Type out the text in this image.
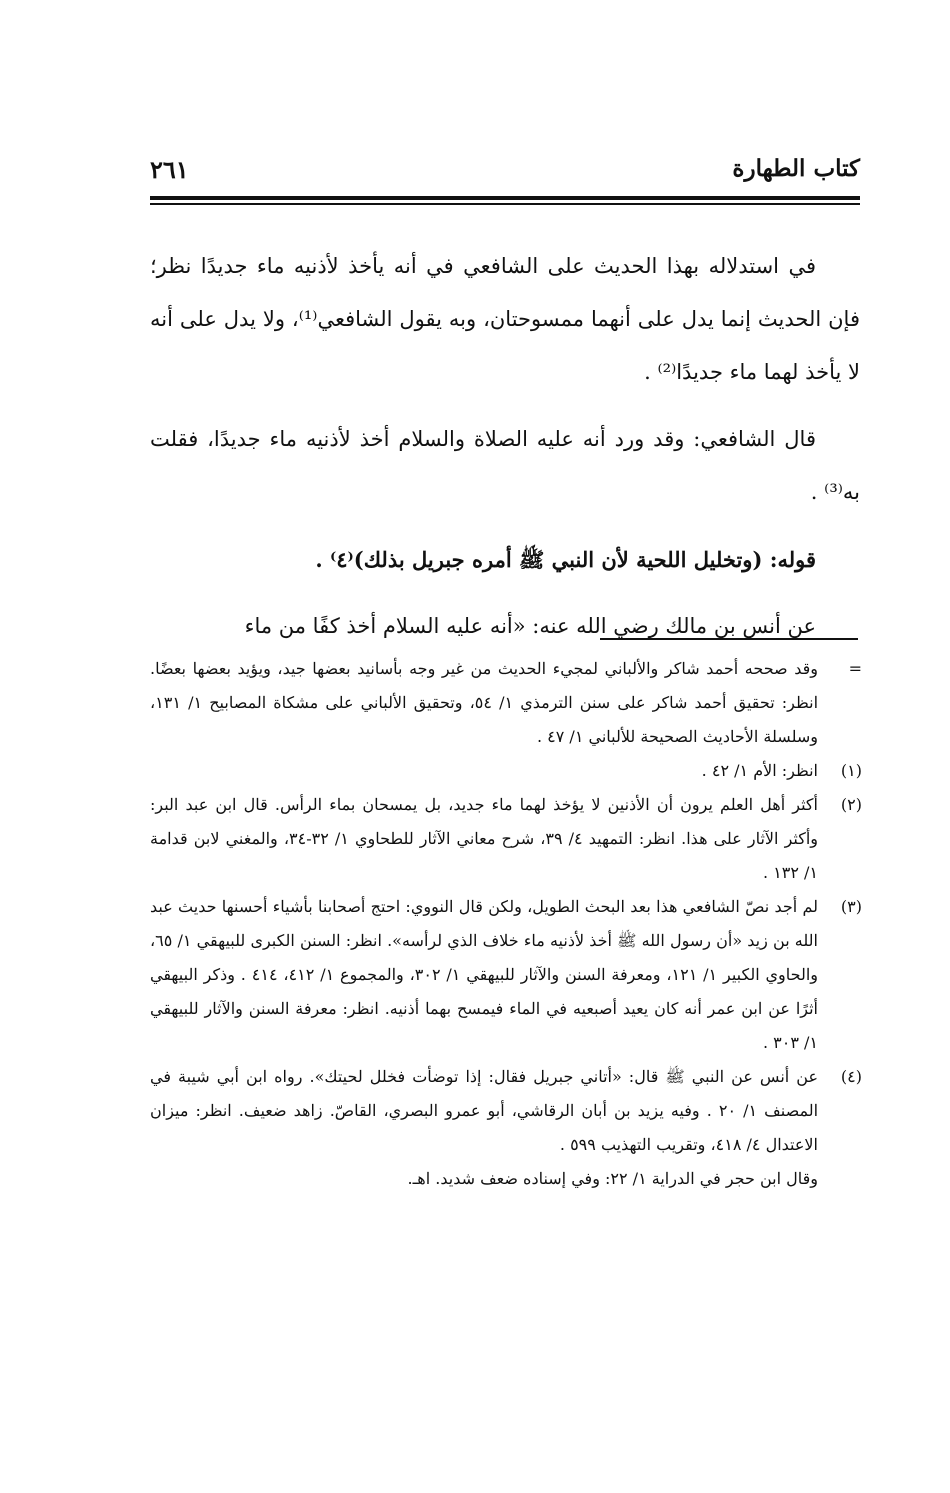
كتاب الطهارة
٢٦١

في استدلاله بهذا الحديث على الشافعي في أنه يأخذ لأذنيه ماء جديدًا نظر؛ فإن الحديث إنما يدل على أنهما ممسوحتان، وبه يقول الشافعي⁽¹⁾، ولا يدل على أنه لا يأخذ لهما ماء جديدًا⁽²⁾ .

قال الشافعي: وقد ورد أنه عليه الصلاة والسلام أخذ لأذنيه ماء جديدًا، فقلت به⁽³⁾ .

قوله: (وتخليل اللحية لأن النبي ﷺ أمره جبريل بذلك)⁽٤⁾ .

عن أنس بن مالك رضي الله عنه: «أنه عليه السلام أخذ كفًا من ماء

=
وقد صححه أحمد شاكر والألباني لمجيء الحديث من غير وجه بأسانيد بعضها جيد، ويؤيد بعضها بعضًا. انظر: تحقيق أحمد شاكر على سنن الترمذي ١/ ٥٤، وتحقيق الألباني على مشكاة المصابيح ١/ ١٣١، وسلسلة الأحاديث الصحيحة للألباني ١/ ٤٧ .
(١)
انظر: الأم ١/ ٤٢ .
(٢)
أكثر أهل العلم يرون أن الأذنين لا يؤخذ لهما ماء جديد، بل يمسحان بماء الرأس. قال ابن عبد البر: وأكثر الآثار على هذا. انظر: التمهيد ٤/ ٣٩، شرح معاني الآثار للطحاوي ١/ ٣٢-٣٤، والمغني لابن قدامة ١/ ١٣٢ .
(٣)
لم أجد نصّ الشافعي هذا بعد البحث الطويل، ولكن قال النووي: احتج أصحابنا بأشياء أحسنها حديث عبد الله بن زيد «أن رسول الله ﷺ أخذ لأذنيه ماء خلاف الذي لرأسه». انظر: السنن الكبرى للبيهقي ١/ ٦٥، والحاوي الكبير ١/ ١٢١، ومعرفة السنن والآثار للبيهقي ١/ ٣٠٢، والمجموع ١/ ٤١٢، ٤١٤ . وذكر البيهقي أثرًا عن ابن عمر أنه كان يعيد أصبعيه في الماء فيمسح بهما أذنيه. انظر: معرفة السنن والآثار للبيهقي ١/ ٣٠٣ .
(٤)
عن أنس عن النبي ﷺ قال: «أتاني جبريل فقال: إذا توضأت فخلل لحيتك». رواه ابن أبي شيبة في المصنف ١/ ٢٠ . وفيه يزيد بن أبان الرقاشي، أبو عمرو البصري، القاصّ. زاهد ضعيف. انظر: ميزان الاعتدال ٤/ ٤١٨، وتقريب التهذيب ٥٩٩ .

وقال ابن حجر في الدراية ١/ ٢٢: وفي إسناده ضعف شديد. اهـ.
